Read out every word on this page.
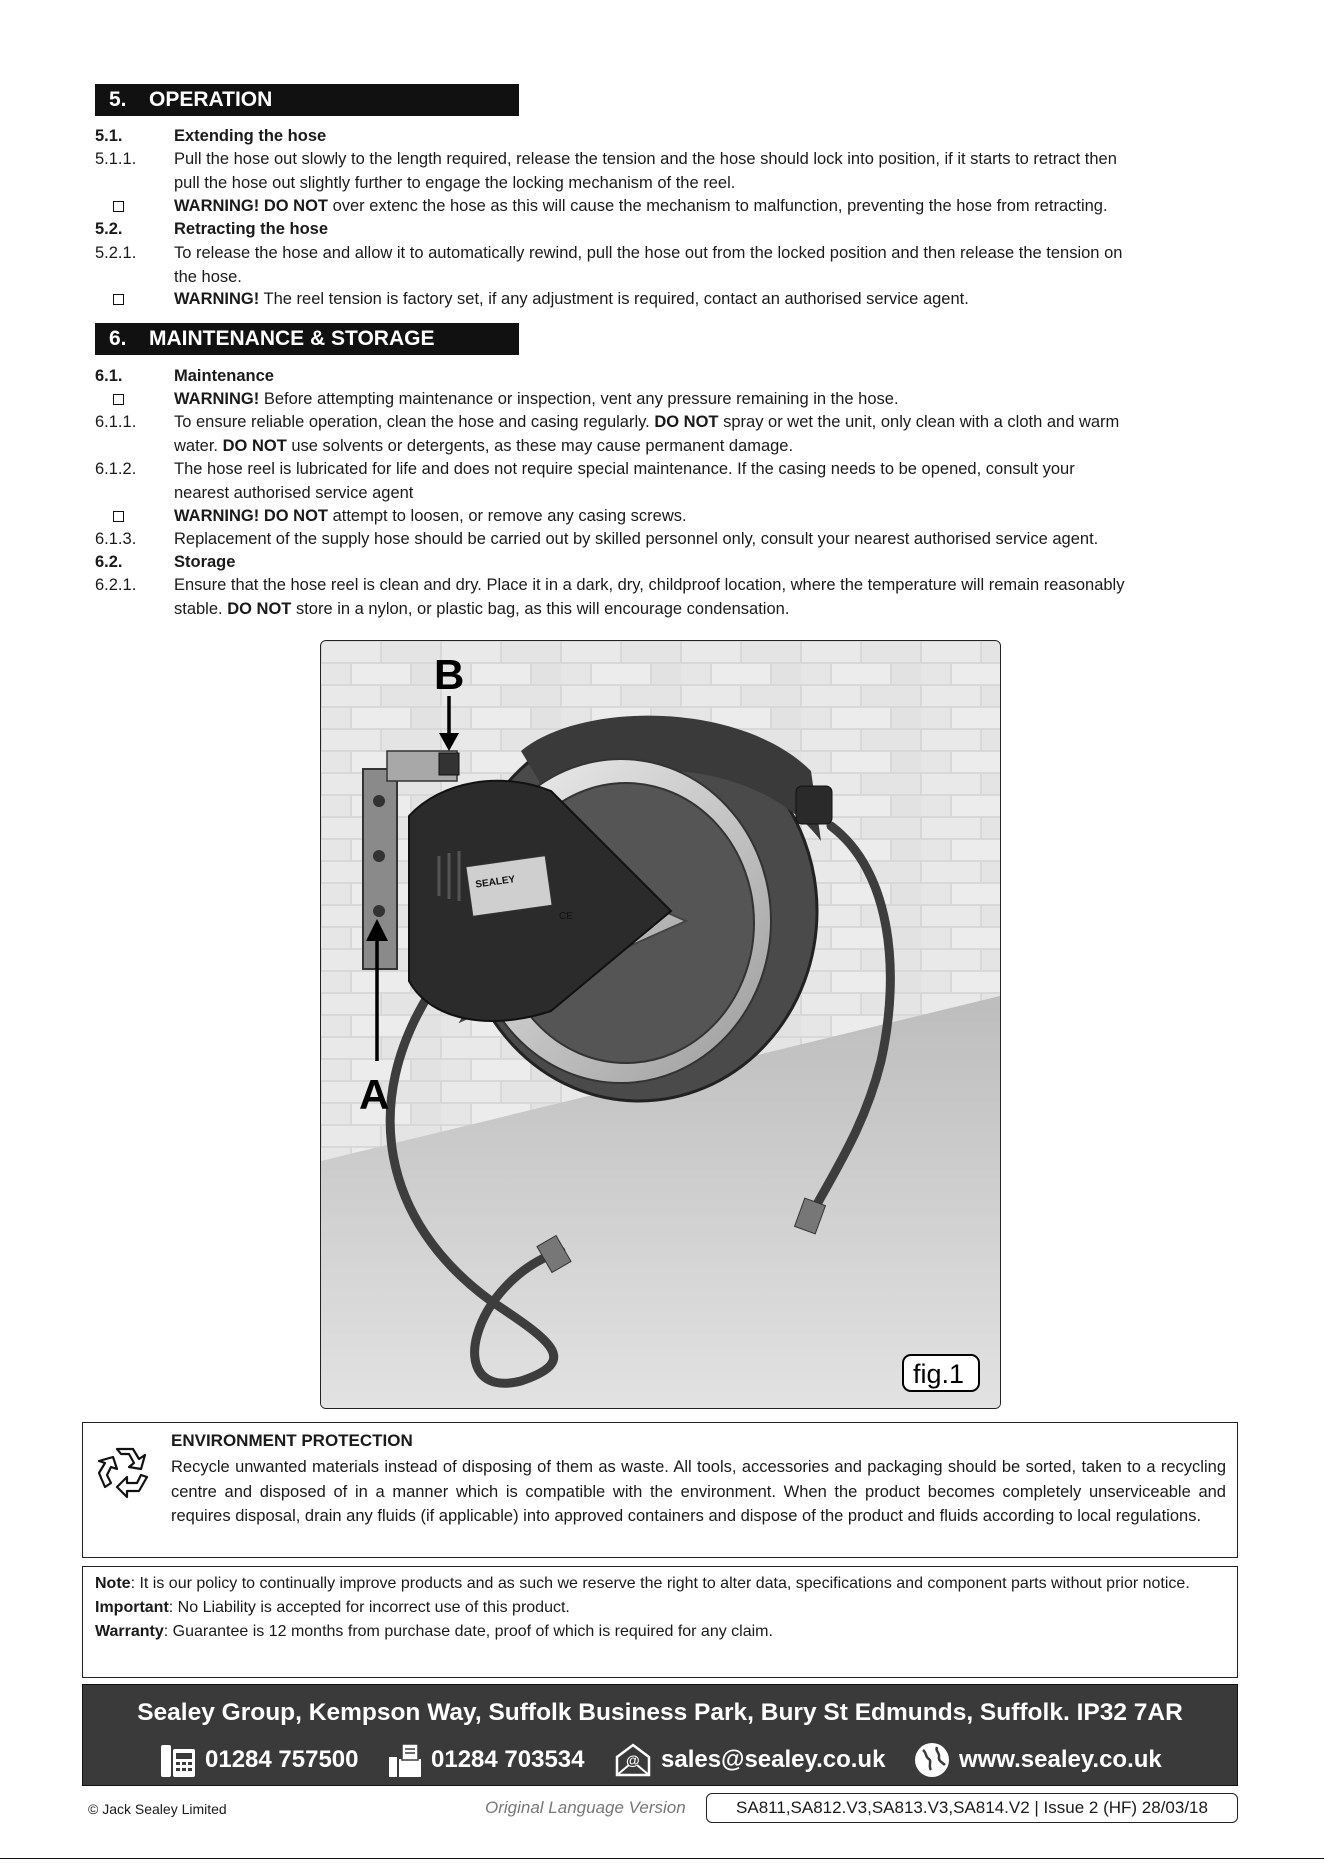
5. OPERATION
5.1.	Extending the hose
5.1.1. Pull the hose out slowly to the length required, release the tension and the hose should lock into position, if it starts to retract then
pull the hose out slightly further to engage the locking mechanism of the reel.
WARNING! DO NOT over extenc the hose as this will cause the mechanism to malfunction, preventing the hose from retracting.
5.2.	Retracting the hose
5.2.1. To release the hose and allow it to automatically rewind, pull the hose out from the locked position and then release the tension on
the hose.
WARNING! The reel tension is factory set, if any adjustment is required, contact an authorised service agent.
6. MAINTENANCE & STORAGE
6.1.	Maintenance
WARNING! Before attempting maintenance or inspection, vent any pressure remaining in the hose.
6.1.1. To ensure reliable operation, clean the hose and casing regularly. DO NOT spray or wet the unit, only clean with a cloth and warm
water. DO NOT use solvents or detergents, as these may cause permanent damage.
6.1.2. The hose reel is lubricated for life and does not require special maintenance. If the casing needs to be opened, consult your
nearest authorised service agent
WARNING! DO NOT attempt to loosen, or remove any casing screws.
6.1.3. Replacement of the supply hose should be carried out by skilled personnel only, consult your nearest authorised service agent.
6.2.	Storage
6.2.1. Ensure that the hose reel is clean and dry. Place it in a dark, dry, childproof location, where the temperature will remain reasonably
stable. DO NOT store in a nylon, or plastic bag, as this will encourage condensation.
SEALEY
CE
B
A
fig.1
ENVIRONMENT PROTECTION
Recycle unwanted materials instead of disposing of them as waste. All tools, accessories and packaging should be sorted, taken to a recycling centre and disposed of in a manner which is compatible with the environment. When the product becomes completely unserviceable and requires disposal, drain any fluids (if applicable) into approved containers and dispose of the product and fluids according to local regulations.
Note: It is our policy to continually improve products and as such we reserve the right to alter data, specifications and component parts without prior notice.
Important: No Liability is accepted for incorrect use of this product.
Warranty: Guarantee is 12 months from purchase date, proof of which is required for any claim.
Sealey Group, Kempson Way, Suffolk Business Park, Bury St Edmunds, Suffolk. IP32 7AR
01284 757500	01284 703534	@ sales@sealey.co.uk	www.sealey.co.uk
© Jack Sealey Limited	Original Language Version	SA811,SA812.V3,SA813.V3,SA814.V2 | Issue 2 (HF) 28/03/18
